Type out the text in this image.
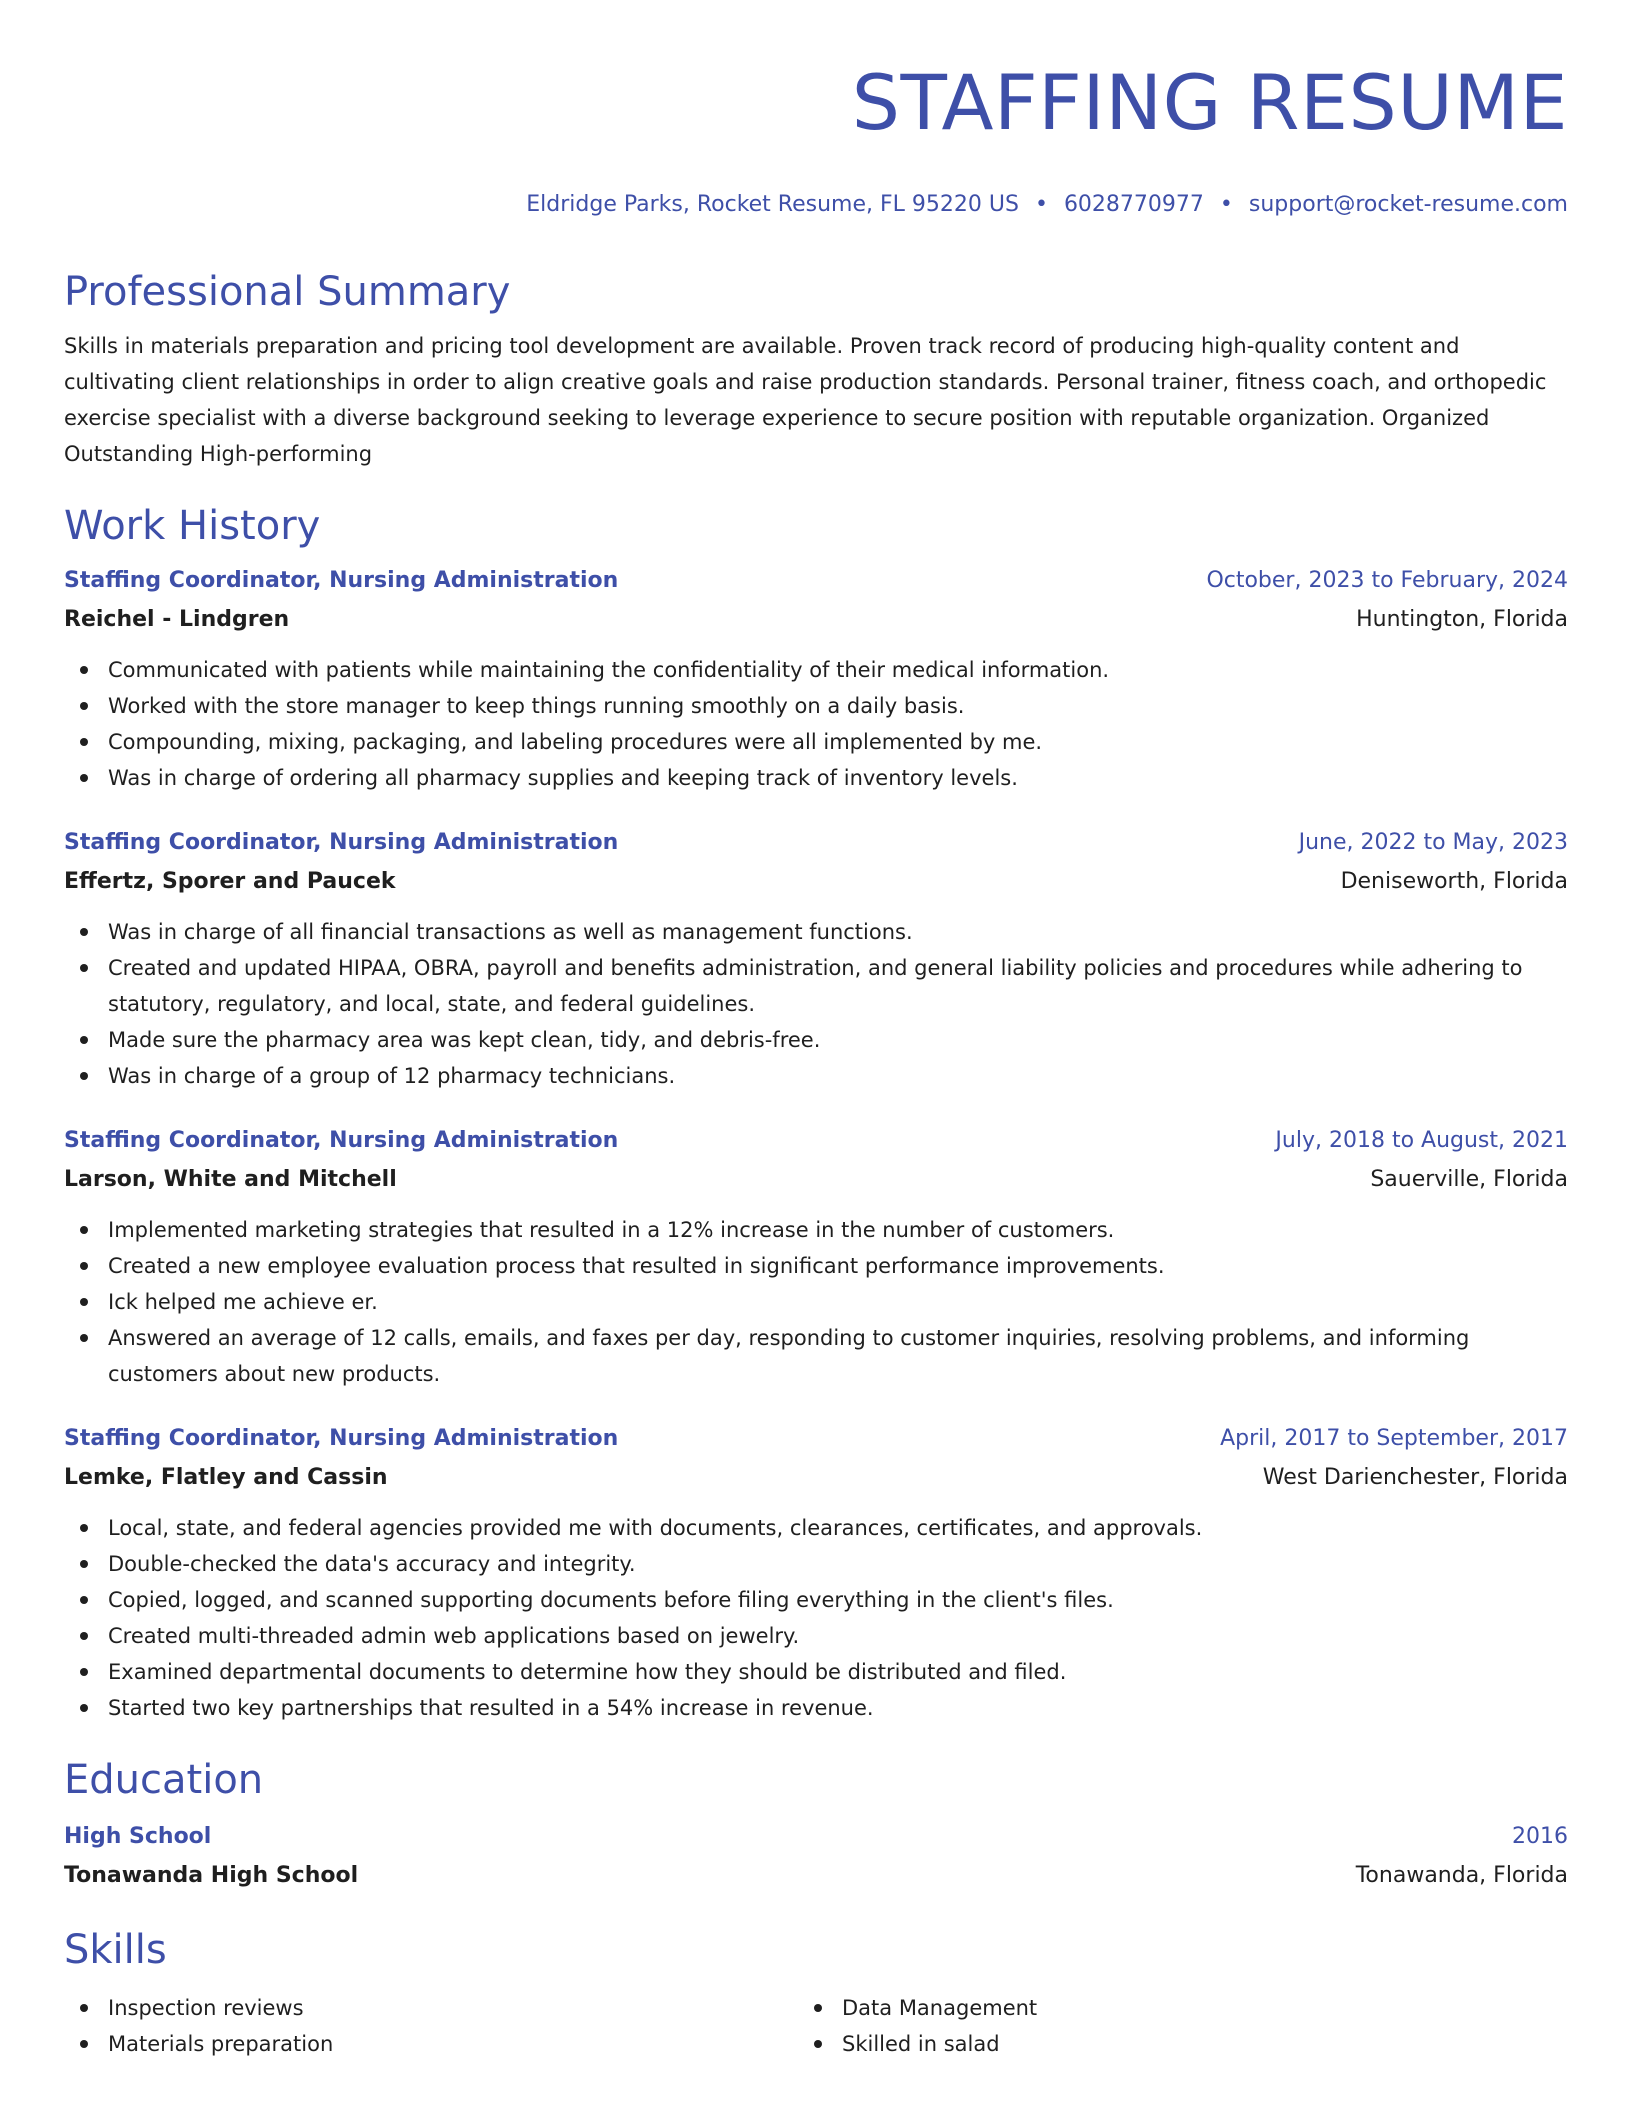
STAFFING RESUME
Eldridge Parks, Rocket Resume, FL 95220 US • 6028770977 • support@rocket-resume.com
Professional Summary
Skills in materials preparation and pricing tool development are available. Proven track record of producing high-quality content and cultivating client relationships in order to align creative goals and raise production standards. Personal trainer, fitness coach, and orthopedic exercise specialist with a diverse background seeking to leverage experience to secure position with reputable organization. Organized Outstanding High-performing
Work History
Staffing Coordinator, Nursing Administration	October, 2023 to February, 2024
Reichel - Lindgren	Huntington, Florida
Communicated with patients while maintaining the confidentiality of their medical information.
Worked with the store manager to keep things running smoothly on a daily basis.
Compounding, mixing, packaging, and labeling procedures were all implemented by me.
Was in charge of ordering all pharmacy supplies and keeping track of inventory levels.
Staffing Coordinator, Nursing Administration	June, 2022 to May, 2023
Effertz, Sporer and Paucek	Deniseworth, Florida
Was in charge of all financial transactions as well as management functions.
Created and updated HIPAA, OBRA, payroll and benefits administration, and general liability policies and procedures while adhering to statutory, regulatory, and local, state, and federal guidelines.
Made sure the pharmacy area was kept clean, tidy, and debris-free.
Was in charge of a group of 12 pharmacy technicians.
Staffing Coordinator, Nursing Administration	July, 2018 to August, 2021
Larson, White and Mitchell	Sauerville, Florida
Implemented marketing strategies that resulted in a 12% increase in the number of customers.
Created a new employee evaluation process that resulted in significant performance improvements.
Ick helped me achieve er.
Answered an average of 12 calls, emails, and faxes per day, responding to customer inquiries, resolving problems, and informing customers about new products.
Staffing Coordinator, Nursing Administration	April, 2017 to September, 2017
Lemke, Flatley and Cassin	West Darienchester, Florida
Local, state, and federal agencies provided me with documents, clearances, certificates, and approvals.
Double-checked the data's accuracy and integrity.
Copied, logged, and scanned supporting documents before filing everything in the client's files.
Created multi-threaded admin web applications based on jewelry.
Examined departmental documents to determine how they should be distributed and filed.
Started two key partnerships that resulted in a 54% increase in revenue.
Education
High School	2016
Tonawanda High School	Tonawanda, Florida
Skills
Inspection reviews
Materials preparation
Data Management
Skilled in salad
